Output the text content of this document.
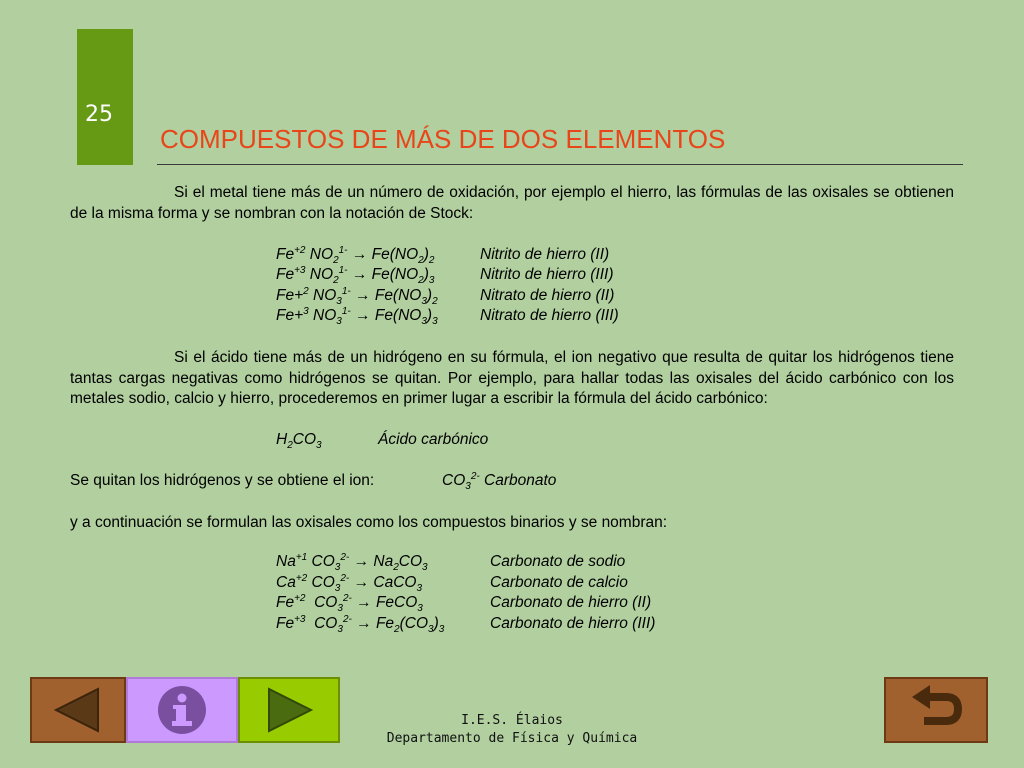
25
COMPUESTOS DE MÁS DE DOS ELEMENTOS
Si el metal tiene más de un número de oxidación, por ejemplo el hierro, las fórmulas de las oxisales se obtienen de la misma forma y se nombran con la notación de Stock:
$Fe^{+2}$ $NO_2^{1-} \to Fe(NO_2)_2$	Nitrito de hierro (II)
$Fe^{+3}$ $NO_2^{1-} \to Fe(NO_2)_3$	Nitrito de hierro (III)
Fe+$^2$ $NO_3^{1-} \to Fe(NO_3)_2$	Nitrato de hierro (II)
Fe+$^3$ $NO_3^{1-} \to Fe(NO_3)_3$	Nitrato de hierro (III)
Si el ácido tiene más de un hidrógeno en su fórmula, el ion negativo que resulta de quitar los hidrógenos tiene tantas cargas negativas como hidrógenos se quitan. Por ejemplo, para hallar todas las oxisales del ácido carbónico con los metales sodio, calcio y hierro, procederemos en primer lugar a escribir la fórmula del ácido carbónico:
$H_2CO_3$	Ácido carbónico
Se quitan los hidrógenos y se obtiene el ion:	$CO_3^{2-}$ Carbonato
y a continuación se formulan las oxisales como los compuestos binarios y se nombran:
$Na^{+1}$ $CO_3^{2-} \to Na_2CO_3$	Carbonato de sodio
$Ca^{+2}$ $CO_3^{2-}$ → CaCO$_3$	Carbonato de calcio
$Fe^{+2}$  $CO_3^{2-}$ → FeCO$_3$	Carbonato de hierro (II)
$Fe^{+3}$  $CO_3^{2-} \to Fe_2(CO_3)_3$	Carbonato de hierro (III)
I.E.S. Élaios
Departamento de Física y Química
